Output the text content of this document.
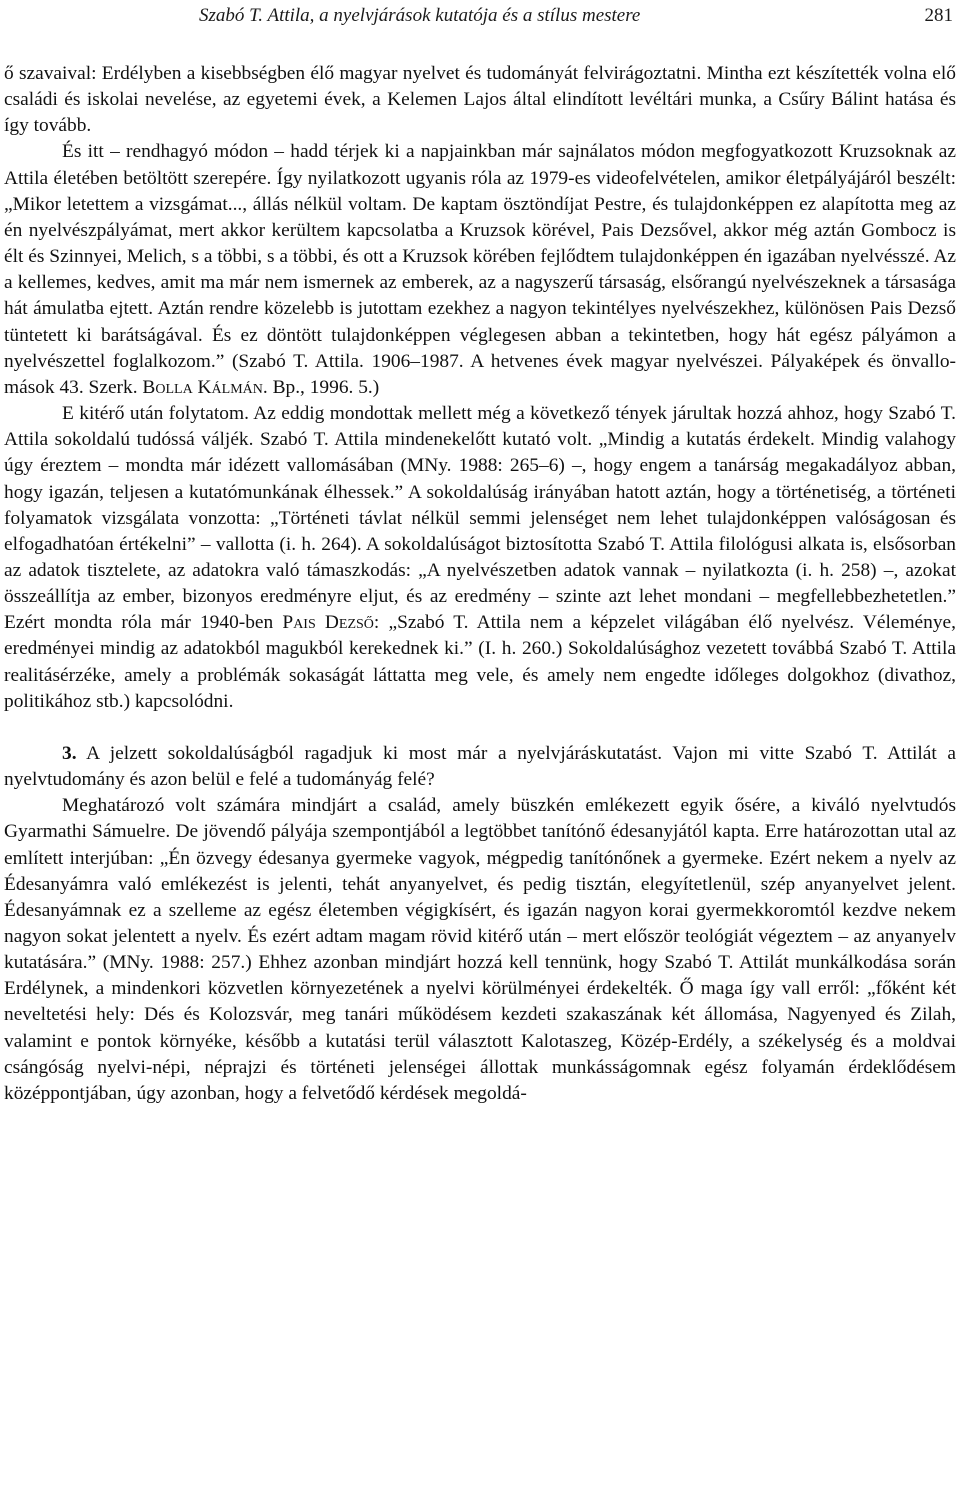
Szabó T. Attila, a nyelvjárások kutatója és a stílus mestere	281

ő szavaival: Erdélyben a kisebbségben élő magyar nyelvet és tudományát felvirágoztatni. Mintha ezt készítették volna elő családi és iskolai nevelése, az egyetemi évek, a Kelemen Lajos által elindított levéltári munka, a Csűry Bálint hatása és így tovább.

És itt – rendhagyó módon – hadd térjek ki a napjainkban már sajnálatos módon megfogyatkozott Kruzsoknak az Attila életében betöltött szerepére. Így nyilatkozott ugyanis róla az 1979-es videofelvételen, amikor életpályájáról beszélt: „Mikor letettem a vizsgámat..., állás nélkül voltam. De kaptam ösztöndíjat Pestre, és tulajdonképpen ez alapította meg az én nyelvészpályámat, mert akkor kerültem kapcsolatba a Kruzsok körével, Pais Dezsővel, akkor még aztán Gombocz is élt és Szinnyei, Melich, s a többi, s a többi, és ott a Kruzsok körében fejlődtem tulajdonképpen én igazában nyelvésszé. Az a kellemes, kedves, amit ma már nem ismernek az emberek, az a nagyszerű társaság, elsőrangú nyelvészeknek a társasága hát ámulatba ejtett. Aztán rendre közelebb is jutottam ezekhez a nagyon tekintélyes nyelvészekhez, különösen Pais Dezső tüntetett ki barátságával. És ez döntött tulajdonképpen véglegesen abban a tekintetben, hogy hát egész pályámon a nyelvészettel foglalkozom.” (Szabó T. Attila. 1906–1987. A hetvenes évek magyar nyelvészei. Pályaképek és önvallomások 43. Szerk. Bolla Kálmán. Bp., 1996. 5.)

E kitérő után folytatom. Az eddig mondottak mellett még a következő tények járultak hozzá ahhoz, hogy Szabó T. Attila sokoldalú tudóssá váljék. Szabó T. Attila mindenekelőtt kutató volt. „Mindig a kutatás érdekelt. Mindig valahogy úgy éreztem – mondta már idézett vallomásában (MNy. 1988: 265–6) –, hogy engem a tanárság megakadályoz abban, hogy igazán, teljesen a kutatómunkának élhessek.” A sokoldalúság irányában hatott aztán, hogy a történetiség, a történeti folyamatok vizsgálata vonzotta: „Történeti távlat nélkül semmi jelenséget nem lehet tulajdonképpen valóságosan és elfogadhatóan értékelni” – vallotta (i. h. 264). A sokoldalúságot biztosította Szabó T. Attila filológusi alkata is, elsősorban az adatok tisztelete, az adatokra való támaszkodás: „A nyelvészetben adatok vannak – nyilatkozta (i. h. 258) –, azokat összeállítja az ember, bizonyos eredményre eljut, és az eredmény – szinte azt lehet mondani – megfellebbezhetetlen.” Ezért mondta róla már 1940-ben Pais Dezső: „Szabó T. Attila nem a képzelet világában élő nyelvész. Véleménye, eredményei mindig az adatokból magukból kerekednek ki.” (I. h. 260.) Sokoldalúsághoz vezetett továbbá Szabó T. Attila realitásérzéke, amely a problémák sokaságát láttatta meg vele, és amely nem engedte időleges dolgokhoz (divathoz, politikához stb.) kapcsolódni.

3. A jelzett sokoldalúságból ragadjuk ki most már a nyelvjáráskutatást. Vajon mi vitte Szabó T. Attilát a nyelvtudomány és azon belül e felé a tudományág felé?

Meghatározó volt számára mindjárt a család, amely büszkén emlékezett egyik ősére, a kiváló nyelvtudós Gyarmathi Sámuelre. De jövendő pályája szempontjából a legtöbbet tanítónő édesanyjától kapta. Erre határozottan utal az említett interjúban: „Én özvegy édesanya gyermeke vagyok, mégpedig tanítónőnek a gyermeke. Ezért nekem a nyelv az Édesanyámra való emlékezést is jelenti, tehát anyanyelvet, és pedig tisztán, elegyítetlenül, szép anyanyelvet jelent. Édesanyámnak ez a szelleme az egész életemben végigkísért, és igazán nagyon korai gyermekkoromtól kezdve nekem nagyon sokat jelentett a nyelv. És ezért adtam magam rövid kitérő után – mert először teológiát végeztem – az anyanyelv kutatására.” (MNy. 1988: 257.) Ehhez azonban mindjárt hozzá kell tennünk, hogy Szabó T. Attilát munkálkodása során Erdélynek, a mindenkori közvetlen környezetének a nyelvi körülményei érdekelték. Ő maga így vall erről: „főként két neveltetési hely: Dés és Kolozsvár, meg tanári működésem kezdeti szakaszának két állomása, Nagyenyed és Zilah, valamint e pontok környéke, később a kutatási terül választott Kalotaszeg, Közép-Erdély, a székelység és a moldvai csángóság nyelvi-népi, néprajzi és történeti jelenségei állottak munkásságomnak egész folyamán érdeklődésem középpontjában, úgy azonban, hogy a felvetődő kérdések megoldá-
